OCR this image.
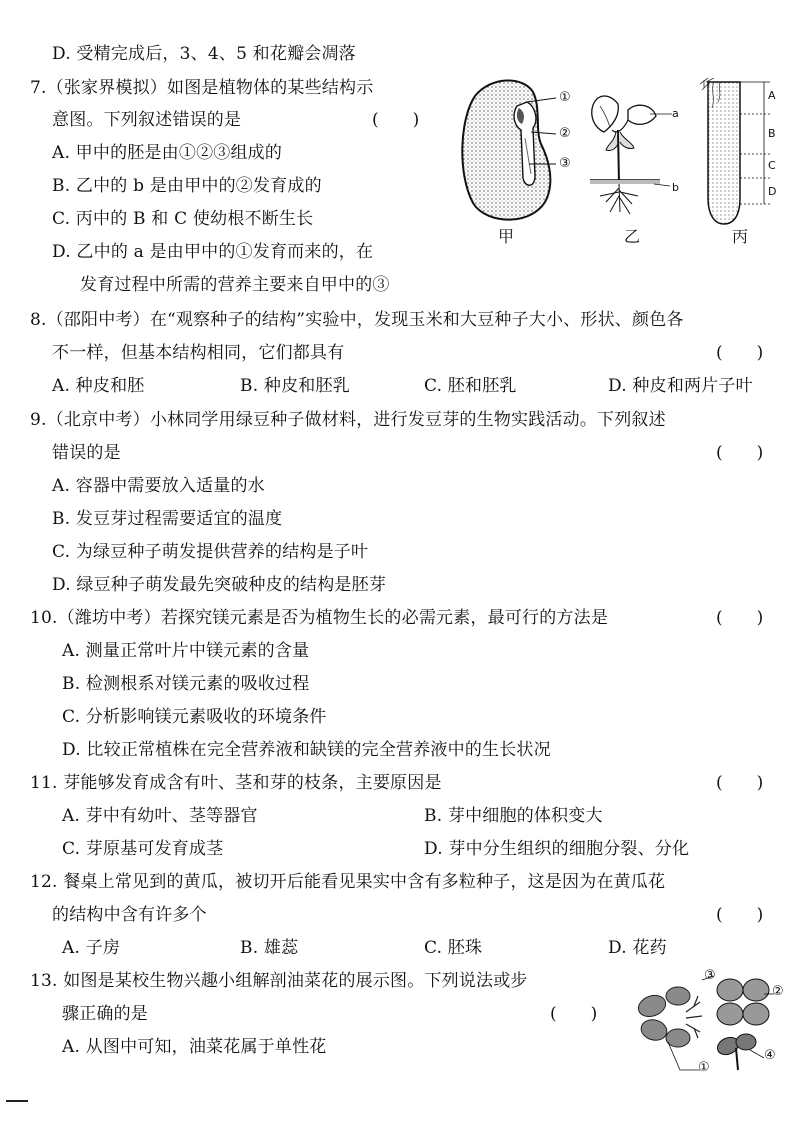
D. 受精完成后，3、4、5 和花瓣会凋落
7.（张家界模拟）如图是植物体的某些结构示
意图。下列叙述错误的是	(　　)
A. 甲中的胚是由①②③组成的
B. 乙中的 b 是由甲中的②发育成的
C. 丙中的 B 和 C 使幼根不断生长
D. 乙中的 a 是由甲中的①发育而来的，在
发育过程中所需的营养主要来自甲中的③
①
②
③
甲
a
b
乙
A
B
C
D
丙
8.（邵阳中考）在“观察种子的结构”实验中，发现玉米和大豆种子大小、形状、颜色各
不一样，但基本结构相同，它们都具有	(　　)
A. 种皮和胚	B. 种皮和胚乳	C. 胚和胚乳	D. 种皮和两片子叶
9.（北京中考）小林同学用绿豆种子做材料，进行发豆芽的生物实践活动。下列叙述
错误的是	(　　)
A. 容器中需要放入适量的水
B. 发豆芽过程需要适宜的温度
C. 为绿豆种子萌发提供营养的结构是子叶
D. 绿豆种子萌发最先突破种皮的结构是胚芽
10.（潍坊中考）若探究镁元素是否为植物生长的必需元素，最可行的方法是	(　　)
A. 测量正常叶片中镁元素的含量
B. 检测根系对镁元素的吸收过程
C. 分析影响镁元素吸收的环境条件
D. 比较正常植株在完全营养液和缺镁的完全营养液中的生长状况
11. 芽能够发育成含有叶、茎和芽的枝条，主要原因是	(　　)
A. 芽中有幼叶、茎等器官	B. 芽中细胞的体积变大
C. 芽原基可发育成茎	D. 芽中分生组织的细胞分裂、分化
12. 餐桌上常见到的黄瓜，被切开后能看见果实中含有多粒种子，这是因为在黄瓜花
的结构中含有许多个	(　　)
A. 子房	B. 雄蕊	C. 胚珠	D. 花药
13. 如图是某校生物兴趣小组解剖油菜花的展示图。下列说法或步
骤正确的是	(　　)
A. 从图中可知，油菜花属于单性花
③
②
④
①
